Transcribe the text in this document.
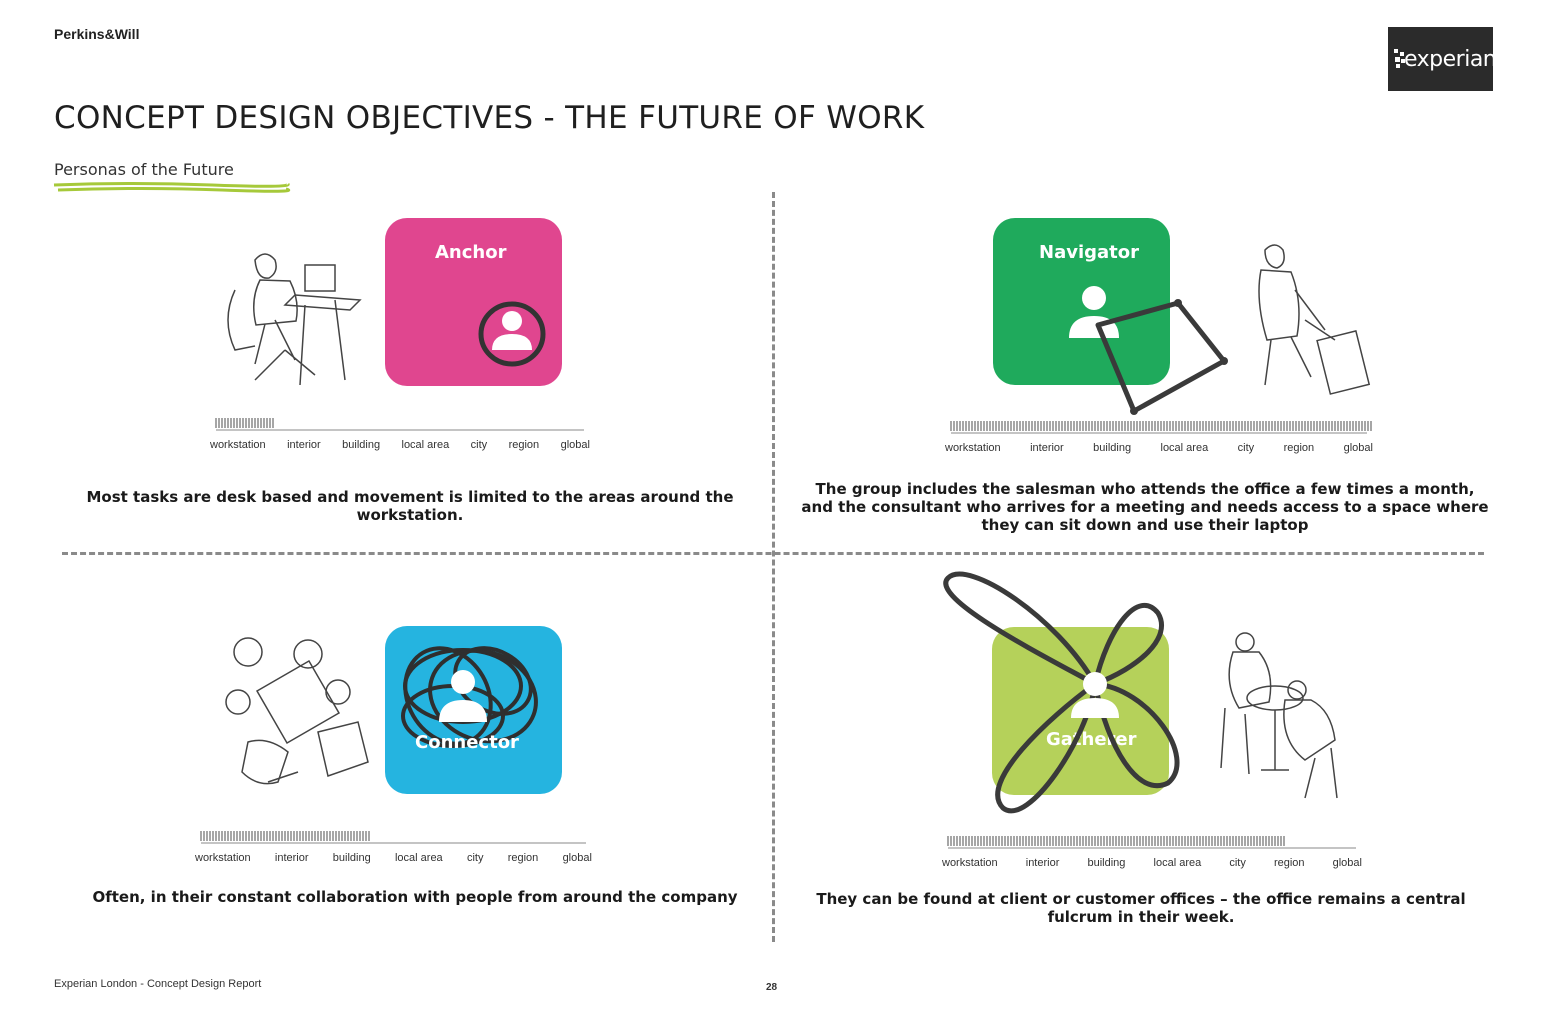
Perkins&Will
experian.
CONCEPT DESIGN OBJECTIVES - THE FUTURE OF WORK
Personas of the Future
Anchor
workstation interior building local area city region global
Most tasks are desk based and movement is limited to the areas around the workstation.
Navigator
workstation	interior	building	local area	city	region	global
The group includes the salesman who attends the office a few times a month, and the consultant who arrives for a meeting and needs access to a space where they can sit down and use their laptop
Connector
workstation interior building local area city region global
Often, in their constant collaboration with people from around the company
Gatherer
workstation	interior	building	local area	city	region	global
They can be found at client or customer offices – the office remains a central fulcrum in their week.
Experian London - Concept Design Report	28
